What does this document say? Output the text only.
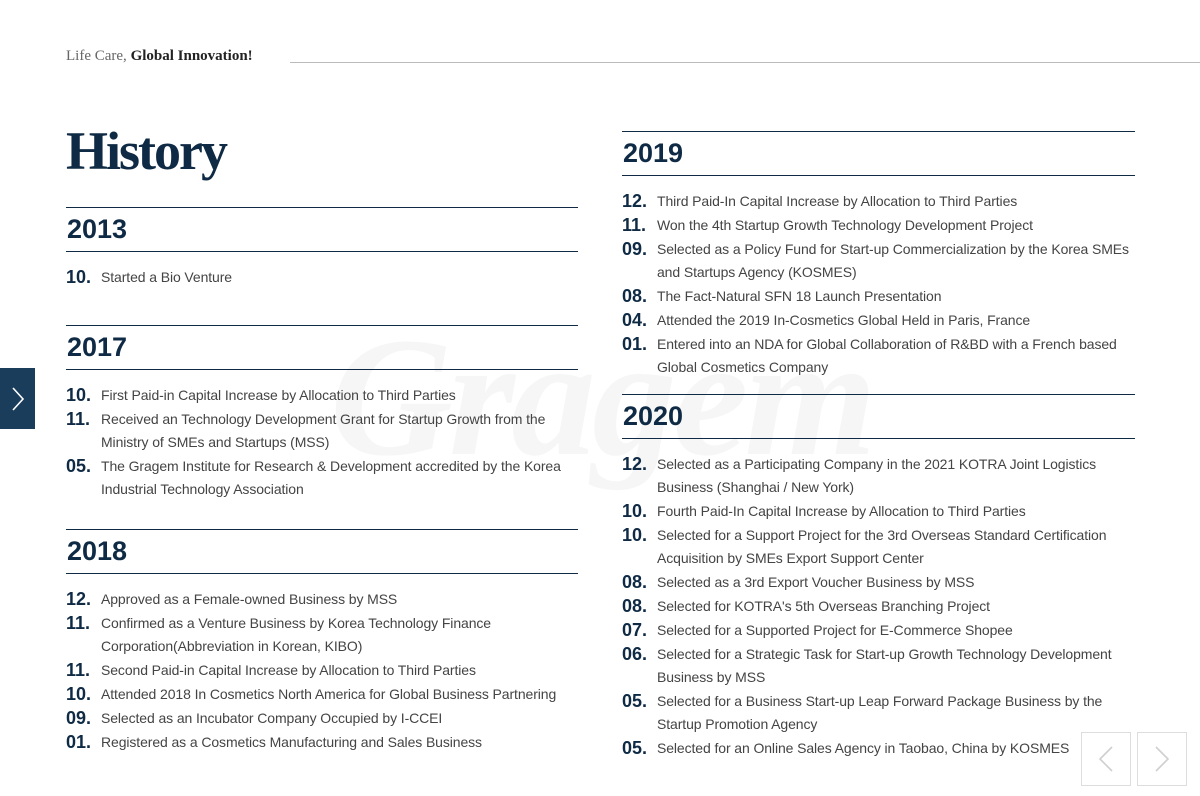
Life Care, Global Innovation!
History
2013
10. Started a Bio Venture
2017
10. First Paid-in Capital Increase by Allocation to Third Parties
11. Received an Technology Development Grant for Startup Growth from the Ministry of SMEs and Startups (MSS)
05. The Gragem Institute for Research & Development accredited by the Korea Industrial Technology Association
2018
12. Approved as a Female-owned Business by MSS
11. Confirmed as a Venture Business by Korea Technology Finance Corporation(Abbreviation in Korean, KIBO)
11. Second Paid-in Capital Increase by Allocation to Third Parties
10. Attended 2018 In Cosmetics North America for Global Business Partnering
09. Selected as an Incubator Company Occupied by I-CCEI
01. Registered as a Cosmetics Manufacturing and Sales Business
2019
12. Third Paid-In Capital Increase by Allocation to Third Parties
11. Won the 4th Startup Growth Technology Development Project
09. Selected as a Policy Fund for Start-up Commercialization by the Korea SMEs and Startups Agency (KOSMES)
08. The Fact-Natural SFN 18 Launch Presentation
04. Attended the 2019 In-Cosmetics Global Held in Paris, France
01. Entered into an NDA for Global Collaboration of R&BD with a French based Global Cosmetics Company
2020
12. Selected as a Participating Company in the 2021 KOTRA Joint Logistics Business (Shanghai / New York)
10. Fourth Paid-In Capital Increase by Allocation to Third Parties
10. Selected for a Support Project for the 3rd Overseas Standard Certification Acquisition by SMEs Export Support Center
08. Selected as a 3rd Export Voucher Business by MSS
08. Selected for KOTRA's 5th Overseas Branching Project
07. Selected for a Supported Project for E-Commerce Shopee
06. Selected for a Strategic Task for Start-up Growth Technology Development Business by MSS
05. Selected for a Business Start-up Leap Forward Package Business by the Startup Promotion Agency
05. Selected for an Online Sales Agency in Taobao, China by KOSMES
